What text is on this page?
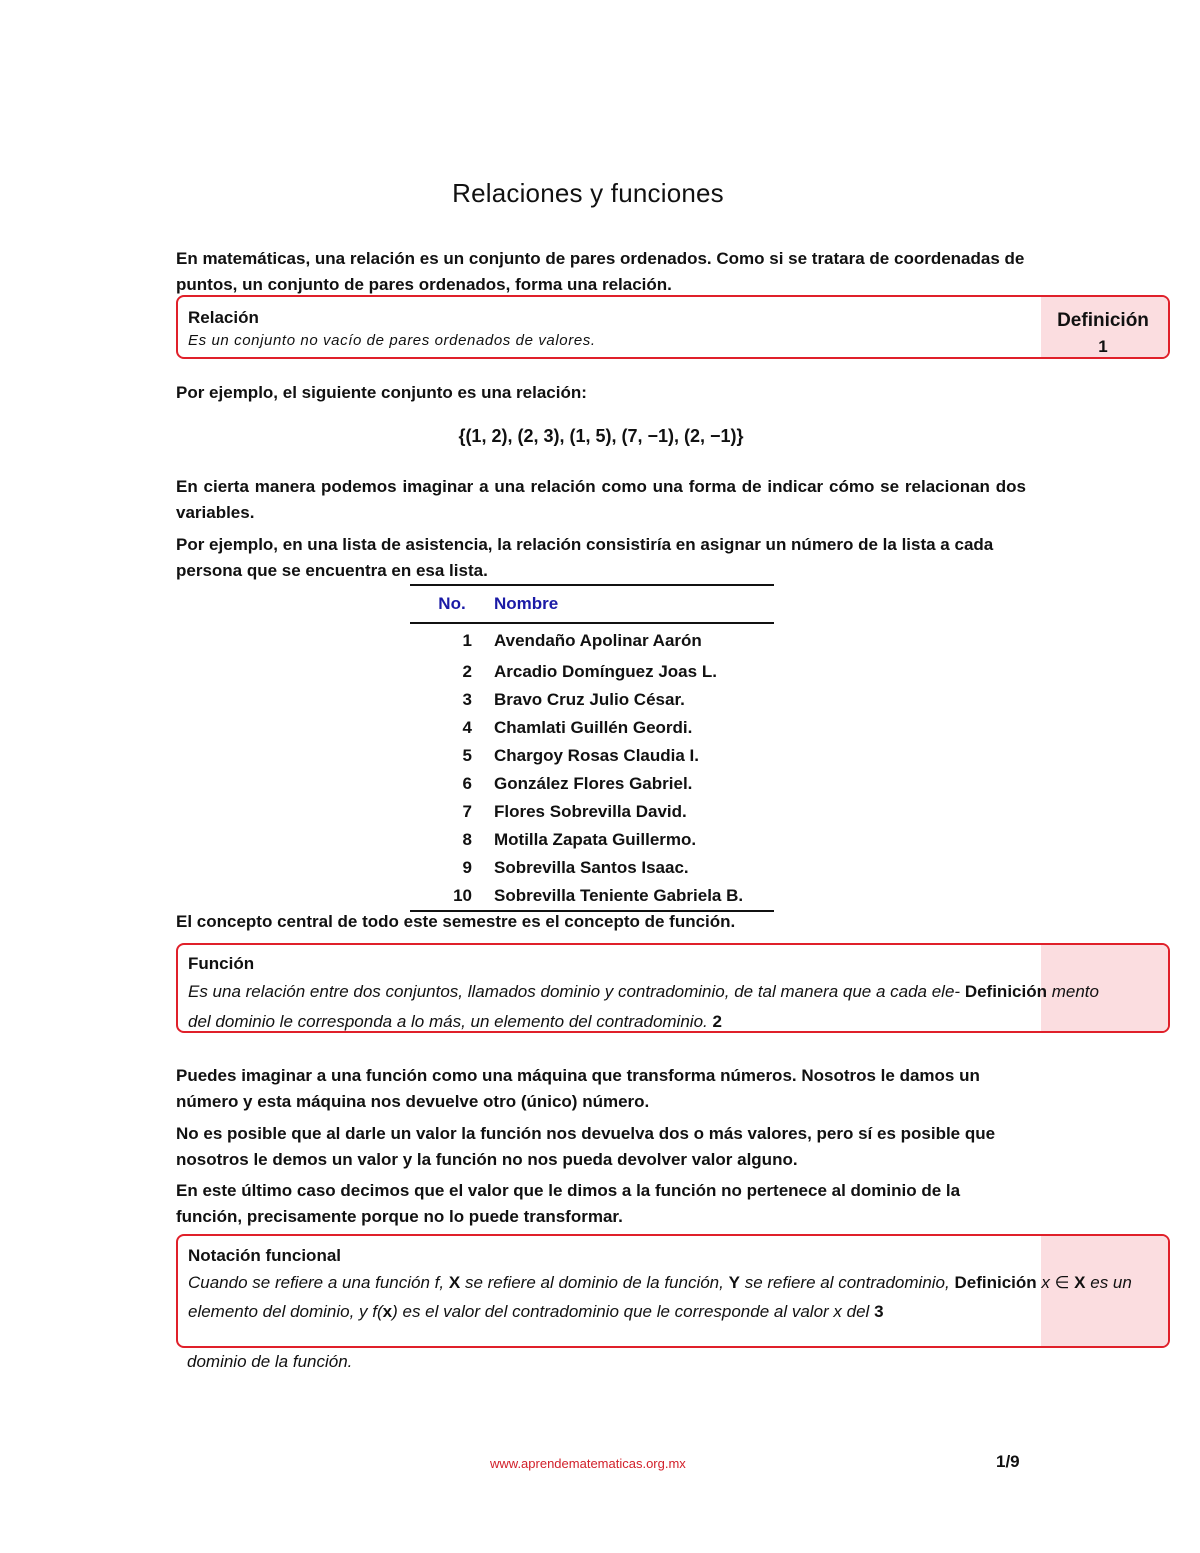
Relaciones y funciones
En matemáticas, una relación es un conjunto de pares ordenados. Como si se tratara de coordenadas de puntos, un conjunto de pares ordenados, forma una relación.
Relación
Es un conjunto no vacío de pares ordenados de valores.
Definición
1
Por ejemplo, el siguiente conjunto es una relación:
{(1, 2), (2, 3), (1, 5), (7, −1), (2, −1)}
En cierta manera podemos imaginar a una relación como una forma de indicar cómo se relacionan dos variables.
Por ejemplo, en una lista de asistencia, la relación consistiría en asignar un número de la lista a cada persona que se encuentra en esa lista.
No.	Nombre
1	Avendaño Apolinar Aarón
2	Arcadio Domínguez Joas L.
3	Bravo Cruz Julio César.
4	Chamlati Guillén Geordi.
5	Chargoy Rosas Claudia I.
6	González Flores Gabriel.
7	Flores Sobrevilla David.
8	Motilla Zapata Guillermo.
9	Sobrevilla Santos Isaac.
10	Sobrevilla Teniente Gabriela B.
El concepto central de todo este semestre es el concepto de función.
Función
Es una relación entre dos conjuntos, llamados dominio y contradominio, de tal manera que a cada ele- Definición mento
del dominio le corresponda a lo más, un elemento del contradominio. 2
Puedes imaginar a una función como una máquina que transforma números. Nosotros le damos un número y esta máquina nos devuelve otro (único) número.
No es posible que al darle un valor la función nos devuelva dos o más valores, pero sí es posible que nosotros le demos un valor y la función no nos pueda devolver valor alguno.
En este último caso decimos que el valor que le dimos a la función no pertenece al dominio de la función, precisamente porque no lo puede transformar.
Notación funcional
Cuando se refiere a una función f, X se refiere al dominio de la función, Y se refiere al contradominio, Definición x ∈ X es un
elemento del dominio, y f(x) es el valor del contradominio que le corresponde al valor x del 3
dominio de la función.
www.aprendematematicas.org.mx	1/9
